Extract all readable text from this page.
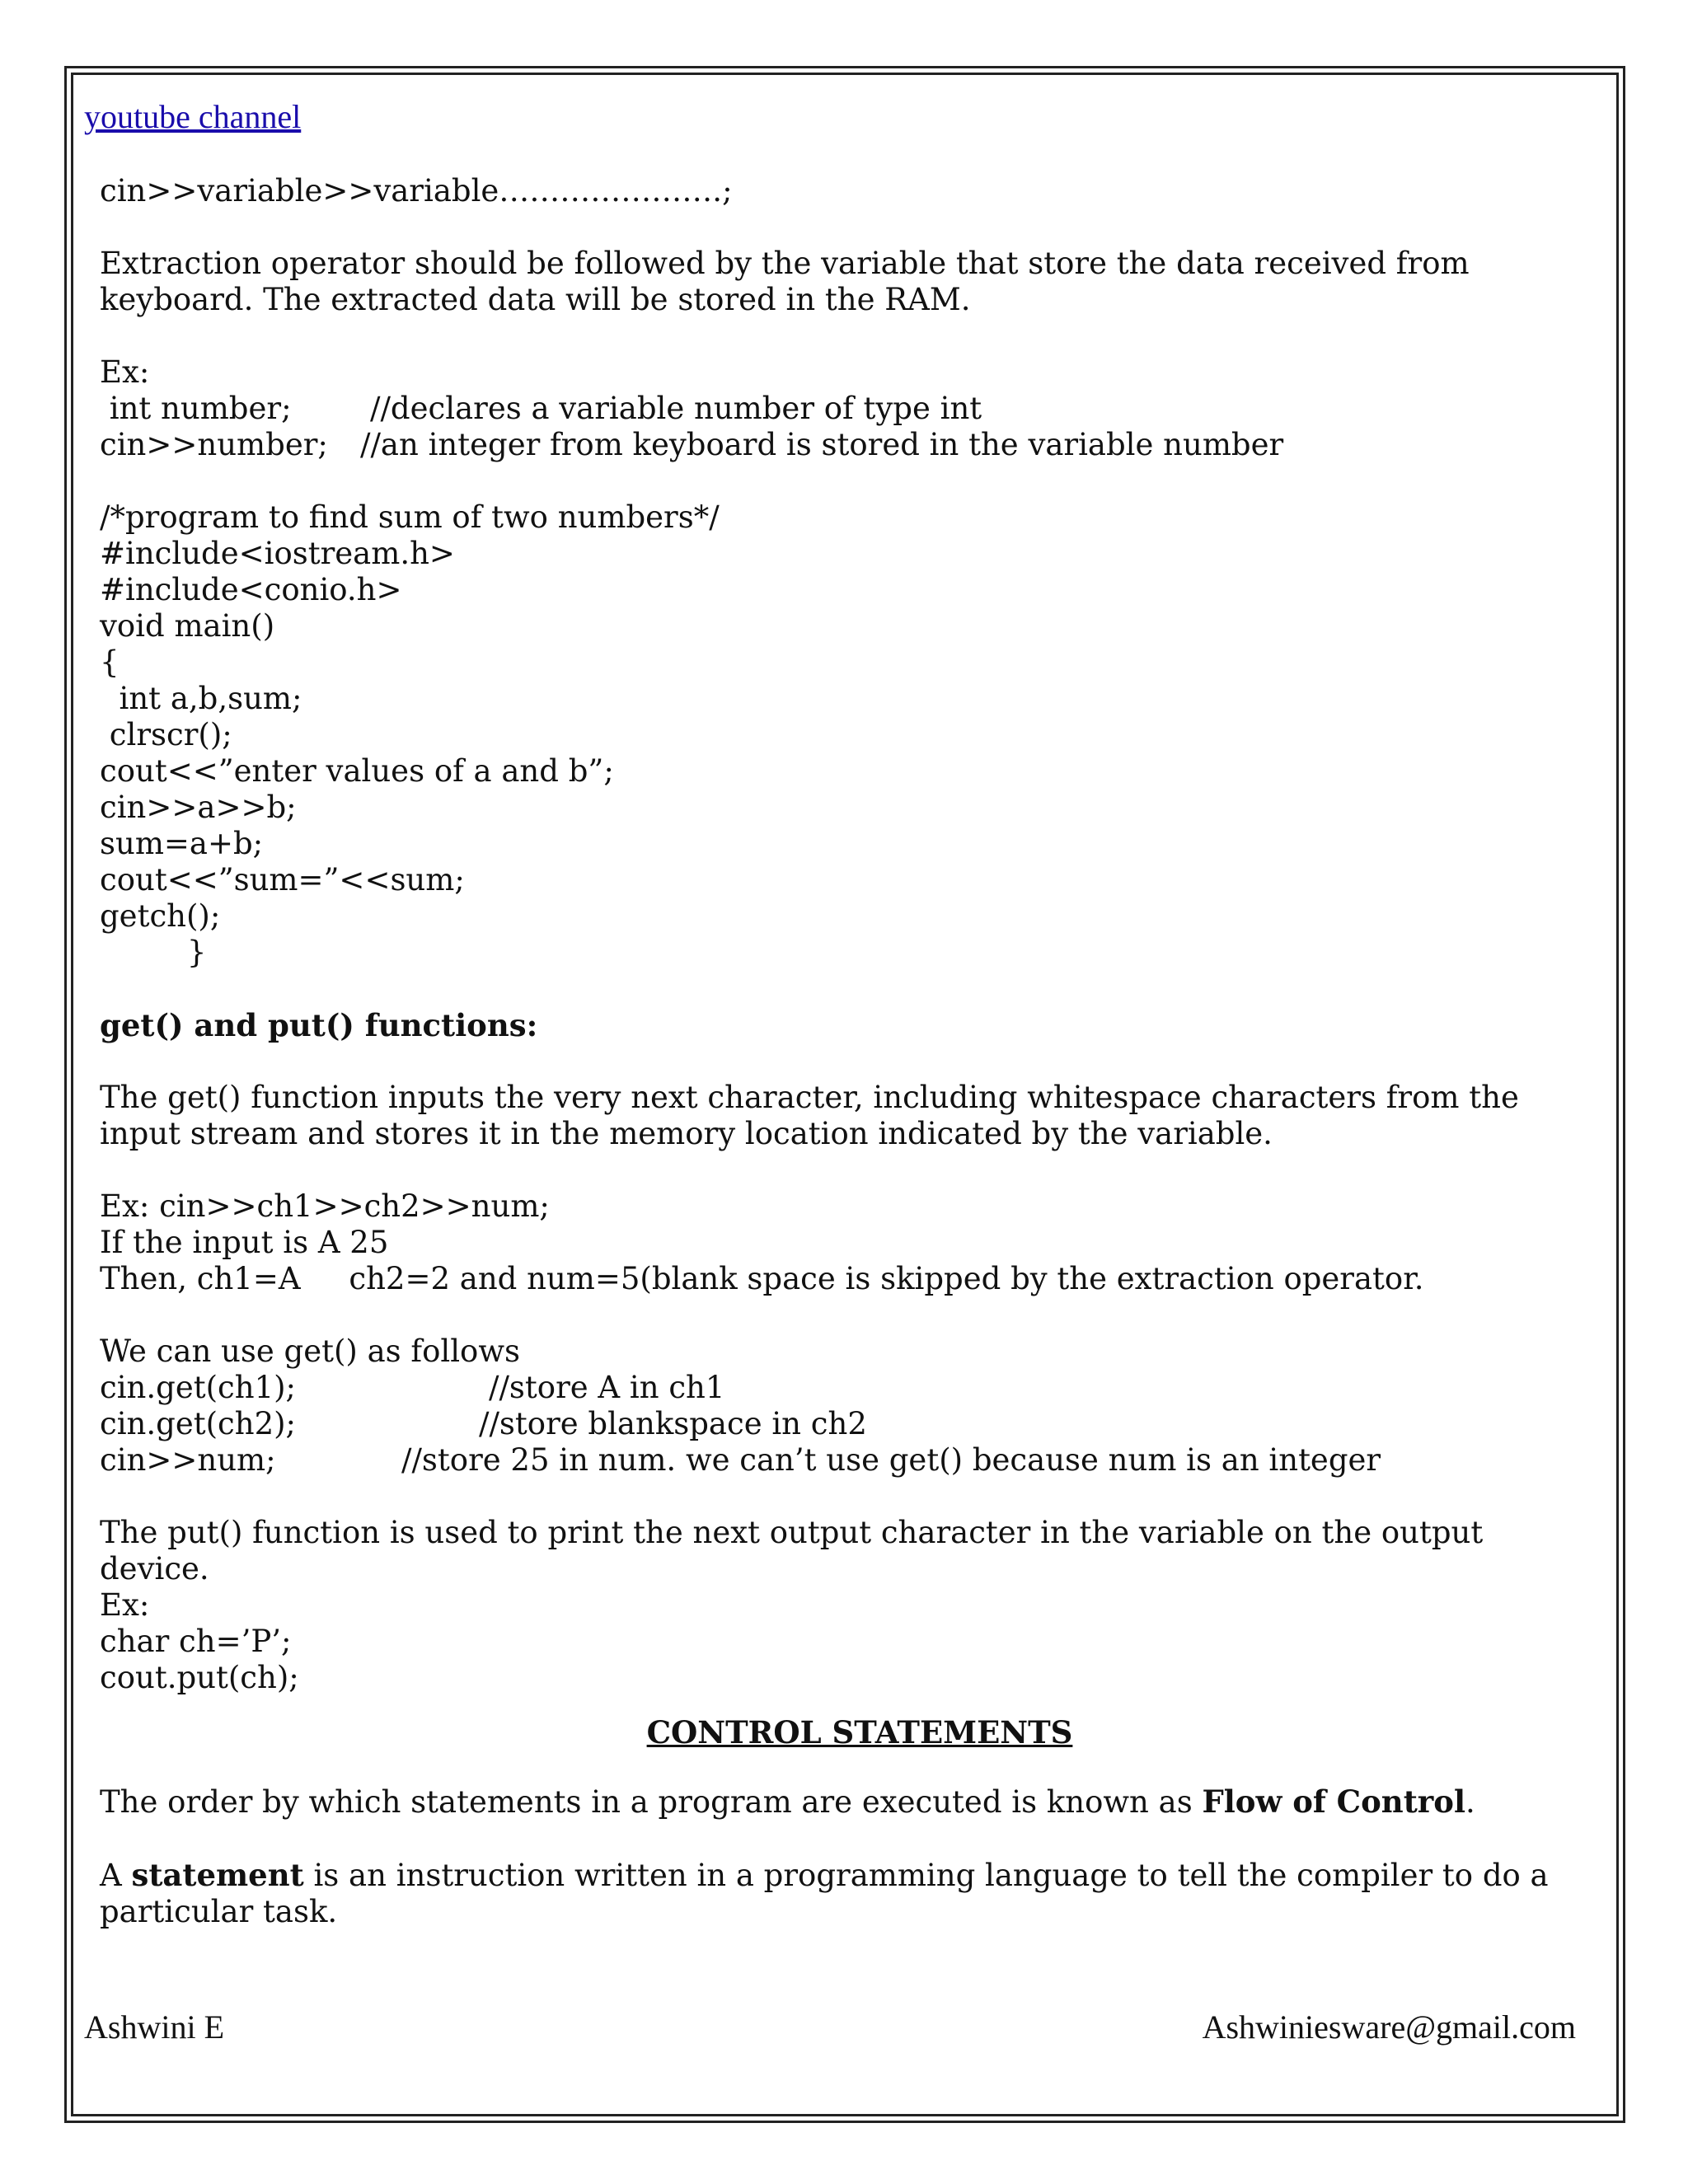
youtube channel
cin>>variable>>variable………………….;
Extraction operator should be followed by the variable that store the data received from keyboard. The extracted data will be stored in the RAM.
Ex:
int number;	//declares a variable number of type int
cin>>number; //an integer from keyboard is stored in the variable number
/*program to find sum of two numbers*/
#include<iostream.h>
#include<conio.h>
void main()
{
int a,b,sum;
clrscr();
cout<<”enter values of a and b”;
cin>>a>>b;
sum=a+b;
cout<<”sum=”<<sum;
getch();
}
get() and put() functions:
The get() function inputs the very next character, including whitespace characters from the input stream and stores it in the memory location indicated by the variable.
Ex: cin>>ch1>>ch2>>num;
If the input is A 25
Then, ch1=A     ch2=2 and num=5(blank space is skipped by the extraction operator.
We can use get() as follows
cin.get(ch1);	//store A in ch1
cin.get(ch2);	//store blankspace in ch2
cin>>num;	//store 25 in num. we can’t use get() because num is an integer
The put() function is used to print the next output character in the variable on the output device.
Ex:
char ch=’P’;
cout.put(ch);
CONTROL STATEMENTS
The order by which statements in a program are executed is known as Flow of Control.
A statement is an instruction written in a programming language to tell the compiler to do a particular task.
Ashwini E	Ashwiniesware@gmail.com
